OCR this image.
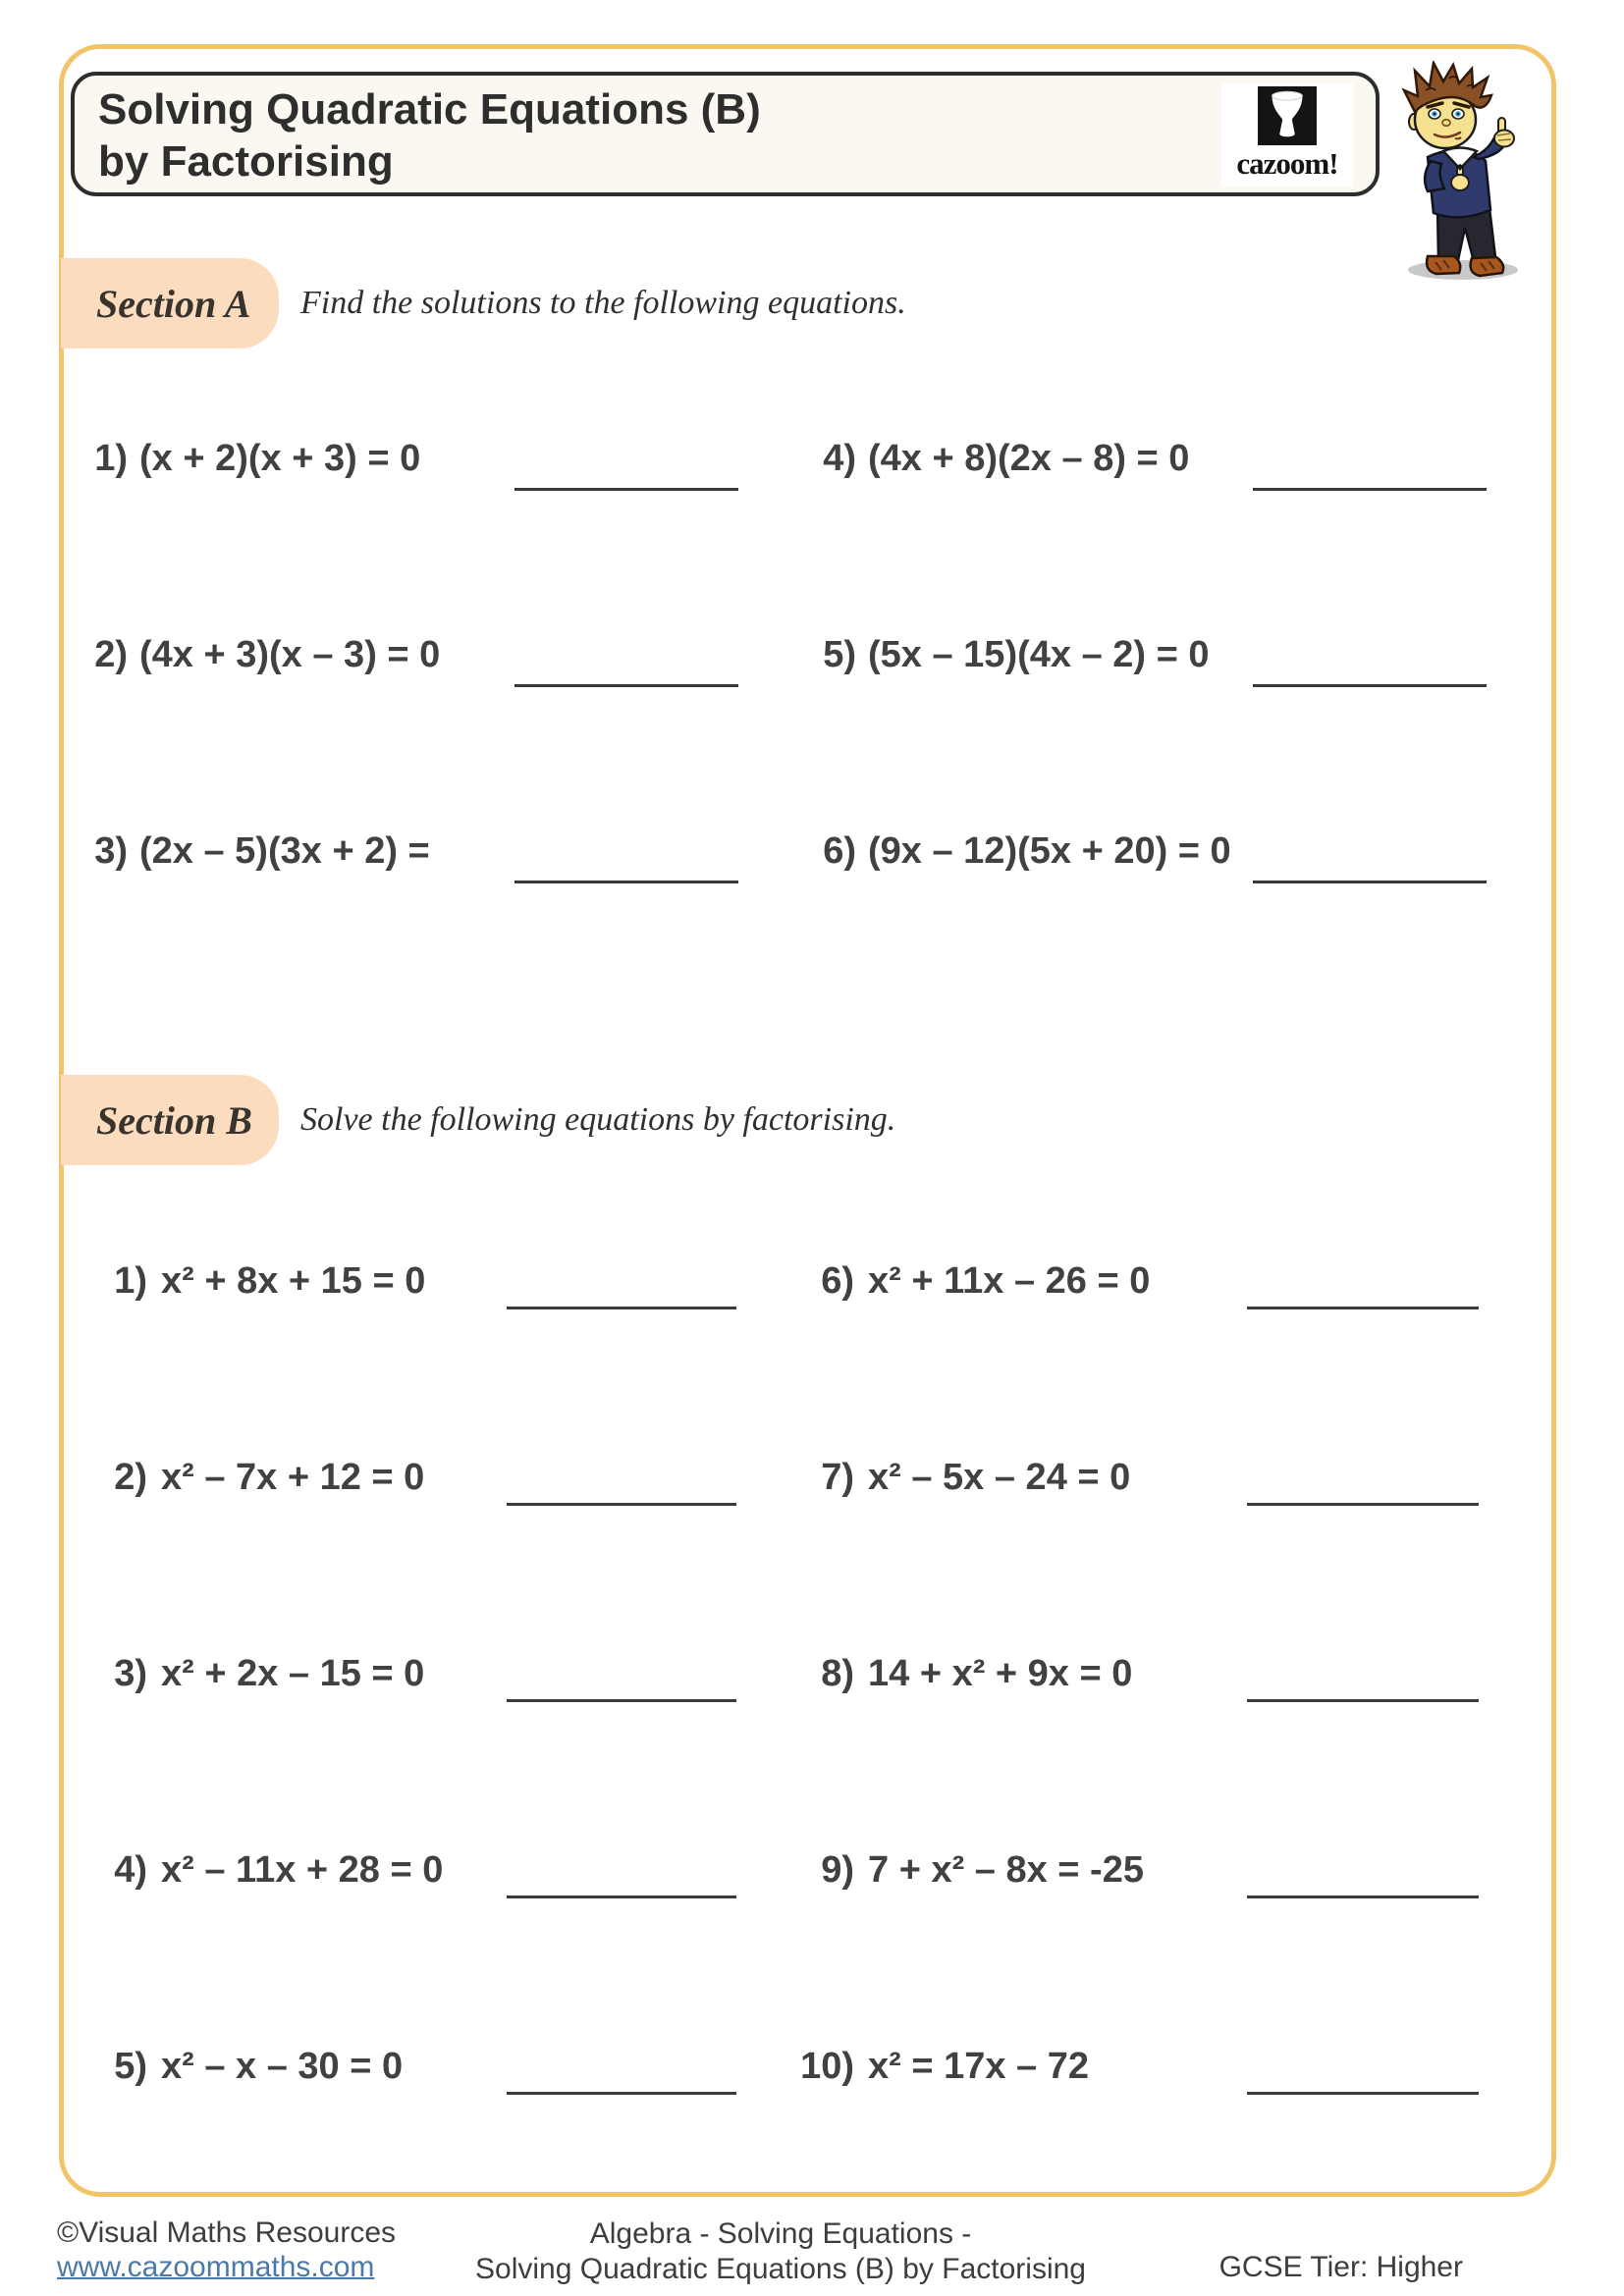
Solving Quadratic Equations (B)
by Factorising	cazoom!
Section A Find the solutions to the following equations.
1) (x + 2)(x + 3) = 0
2) (4x + 3)(x – 3) = 0
3) (2x – 5)(3x + 2) =
4) (4x + 8)(2x – 8) = 0
5) (5x – 15)(4x – 2) = 0
6) (9x – 12)(5x + 20) = 0
Section B Solve the following equations by factorising.
1) x² + 8x + 15 = 0
2) x² – 7x + 12 = 0
3) x² + 2x – 15 = 0
4) x² – 11x + 28 = 0
5) x² – x – 30 = 0
6) x² + 11x – 26 = 0
7) x² – 5x – 24 = 0
8) 14 + x² + 9x = 0
9) 7 + x² – 8x = -25
10) x² = 17x – 72
©Visual Maths Resources
www.cazoommaths.com
Algebra - Solving Equations -
Solving Quadratic Equations (B) by Factorising	GCSE Tier: Higher
